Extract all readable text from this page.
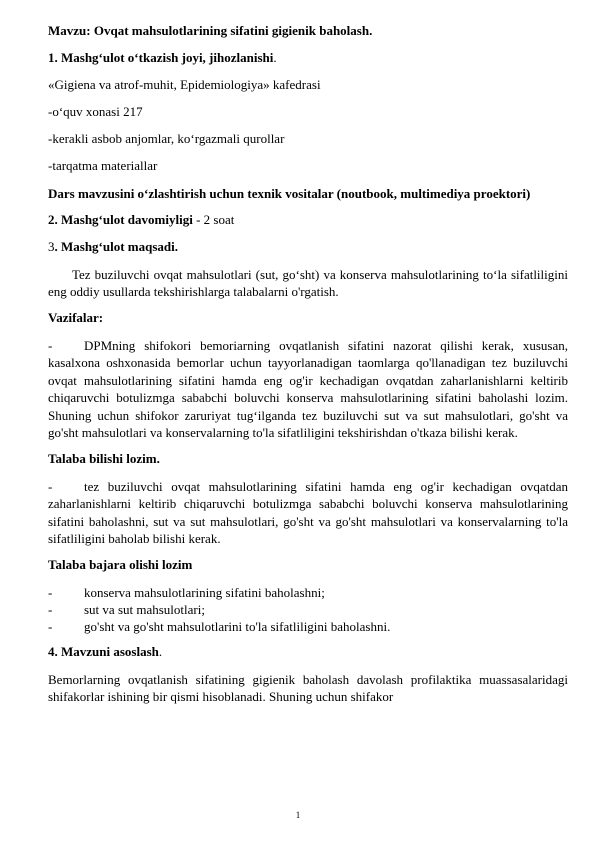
Mavzu: Ovqat mahsulotlarining sifatini gigienik baholash.

1. Mashg‘ulot o‘tkazish joyi, jihozlanishi.

«Gigiena va atrof-muhit, Epidemiologiya» kafedrasi

-o‘quv xonasi 217

-kerakli asbob anjomlar, ko‘rgazmali qurollar

-tarqatma materiallar

Dars mavzusini o‘zlashtirish uchun texnik vositalar (noutbook, multimediya proektori)

2. Mashg‘ulot davomiyligi - 2 soat

3. Mashg‘ulot maqsadi.

Tez buziluvchi ovqat mahsulotlari (sut, go‘sht) va konserva mahsulotlarining to‘la sifatliligini eng oddiy usullarda tekshirishlarga talabalarni o'rgatish.

Vazifalar:

- DPMning shifokori bemoriarning ovqatlanish sifatini nazorat qilishi kerak, xususan, kasalxona oshxonasida bemorlar uchun tayyorlanadigan taomlarga qo'llanadigan tez buziluvchi ovqat mahsulotlarining sifatini hamda eng og'ir kechadigan ovqatdan zaharlanishlarni keltirib chiqaruvchi botulizmga sababchi boluvchi konserva mahsulotlarining sifatini baholashi lozim. Shuning uchun shifokor zaruriyat tug‘ilganda tez buziluvchi sut va sut mahsulotlari, go'sht va go'sht mahsulotlari va konservalarning to'la sifatliligini tekshirishdan o'tkaza bilishi kerak.

Talaba bilishi lozim.

- tez buziluvchi ovqat mahsulotlarining sifatini hamda eng og'ir kechadigan ovqatdan zaharlanishlarni keltirib chiqaruvchi botulizmga sababchi boluvchi konserva mahsulotlarining sifatini baholashni, sut va sut mahsulotlari, go'sht va go'sht mahsulotlari va konservalarning to'la sifatliligini baholab bilishi kerak.

Talaba bajara olishi lozim

-	konserva mahsulotlarining sifatini baholashni;
-	sut va sut mahsulotlari;
-	go'sht va go'sht mahsulotlarini to'la sifatliligini baholashni.

4. Mavzuni asoslash.

Bemorlarning ovqatlanish sifatining gigienik baholash davolash profilaktika muassasalaridagi shifakorlar ishining bir qismi hisoblanadi. Shuning uchun shifakor

1
